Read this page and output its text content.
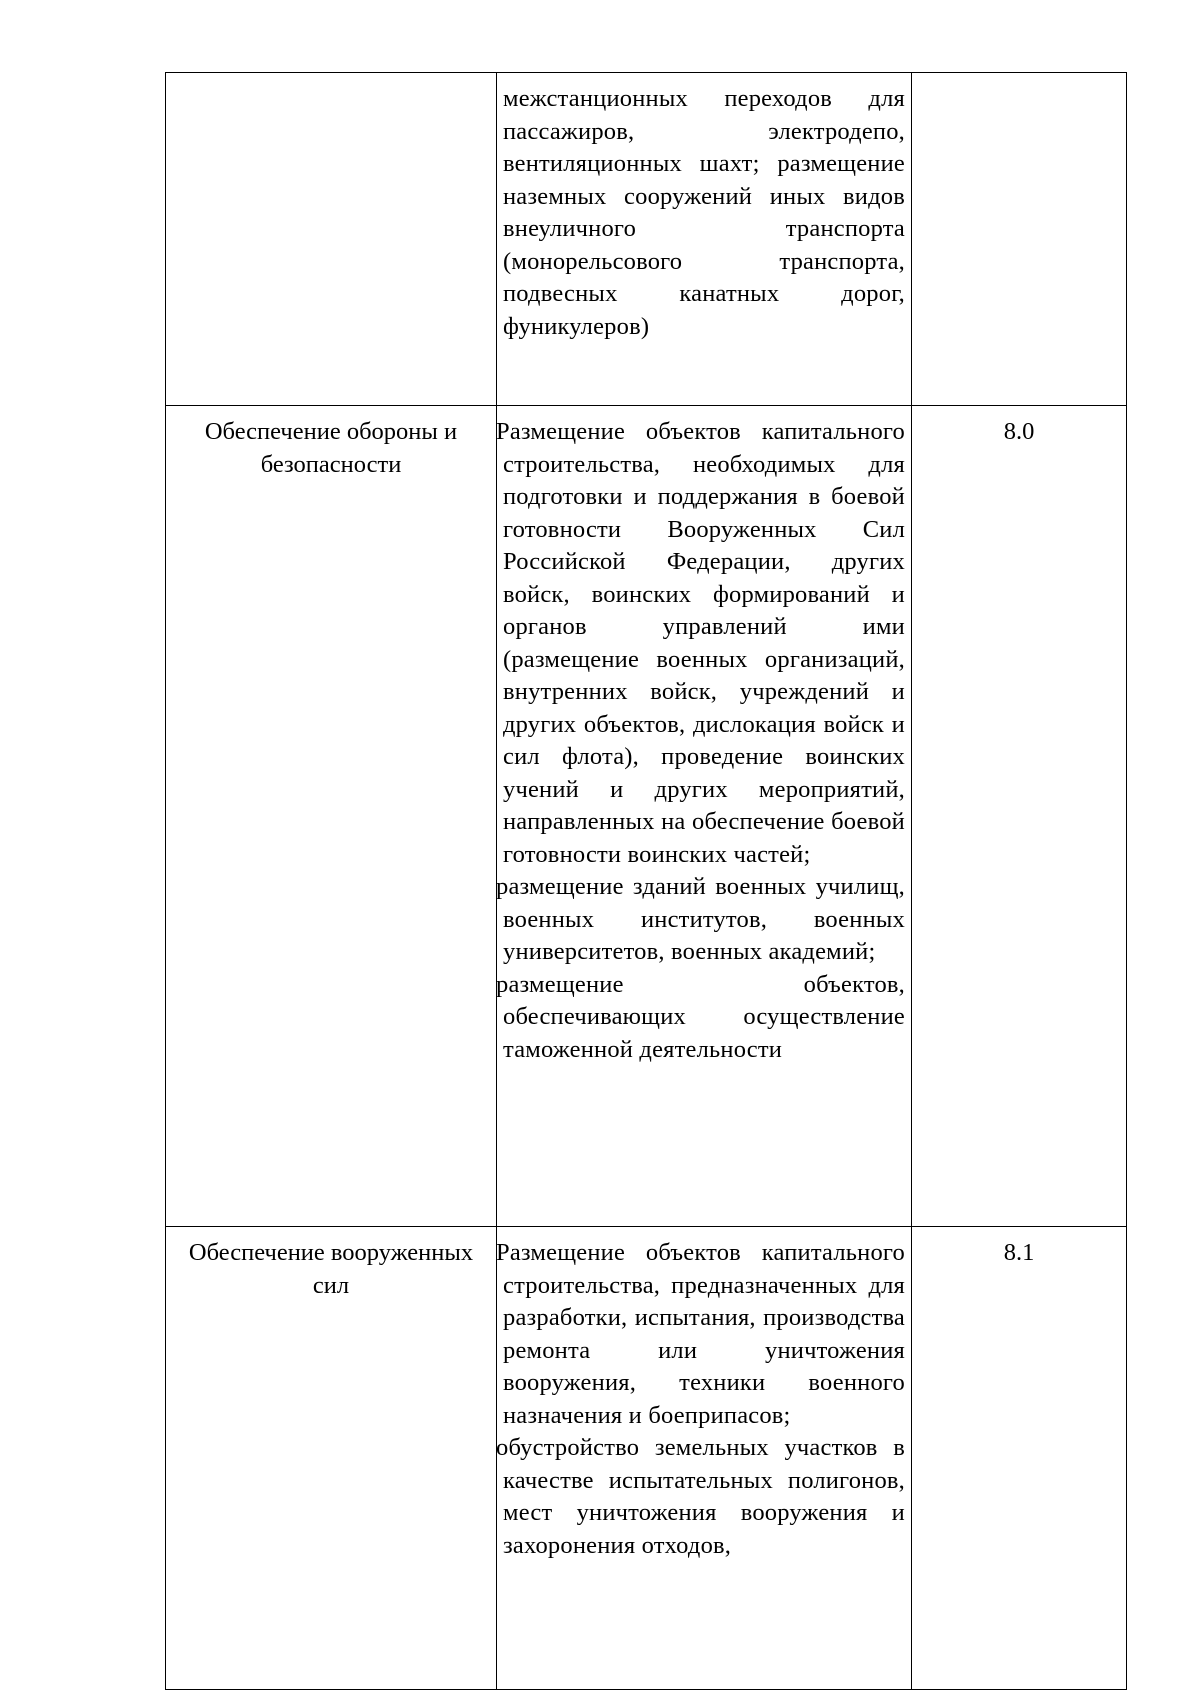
	межстанционных переходов для пассажиров, электродепо, вентиляционных шахт; размещение наземных сооружений иных видов внеуличного транспорта (монорельсового транспорта, подвесных канатных дорог, фуникулеров)	

Обеспечение обороны и безопасности	Размещение объектов капитального строительства, необходимых для подготовки и поддержания в боевой готовности Вооруженных Сил Российской Федерации, других войск, воинских формирований и органов управлений ими (размещение военных организаций, внутренних войск, учреждений и других объектов, дислокация войск и сил флота), проведение воинских учений и других мероприятий, направленных на обеспечение боевой готовности воинских частей;
размещение зданий военных училищ, военных институтов, военных университетов, военных академий;
размещение объектов, обеспечивающих осуществление таможенной деятельности	8.0
Обеспечение вооруженных сил	Размещение объектов капитального строительства, предназначенных для разработки, испытания, производства ремонта или уничтожения вооружения, техники военного назначения и боеприпасов;
обустройство земельных участков в качестве испытательных полигонов, мест уничтожения вооружения и захоронения отходов,	8.1
